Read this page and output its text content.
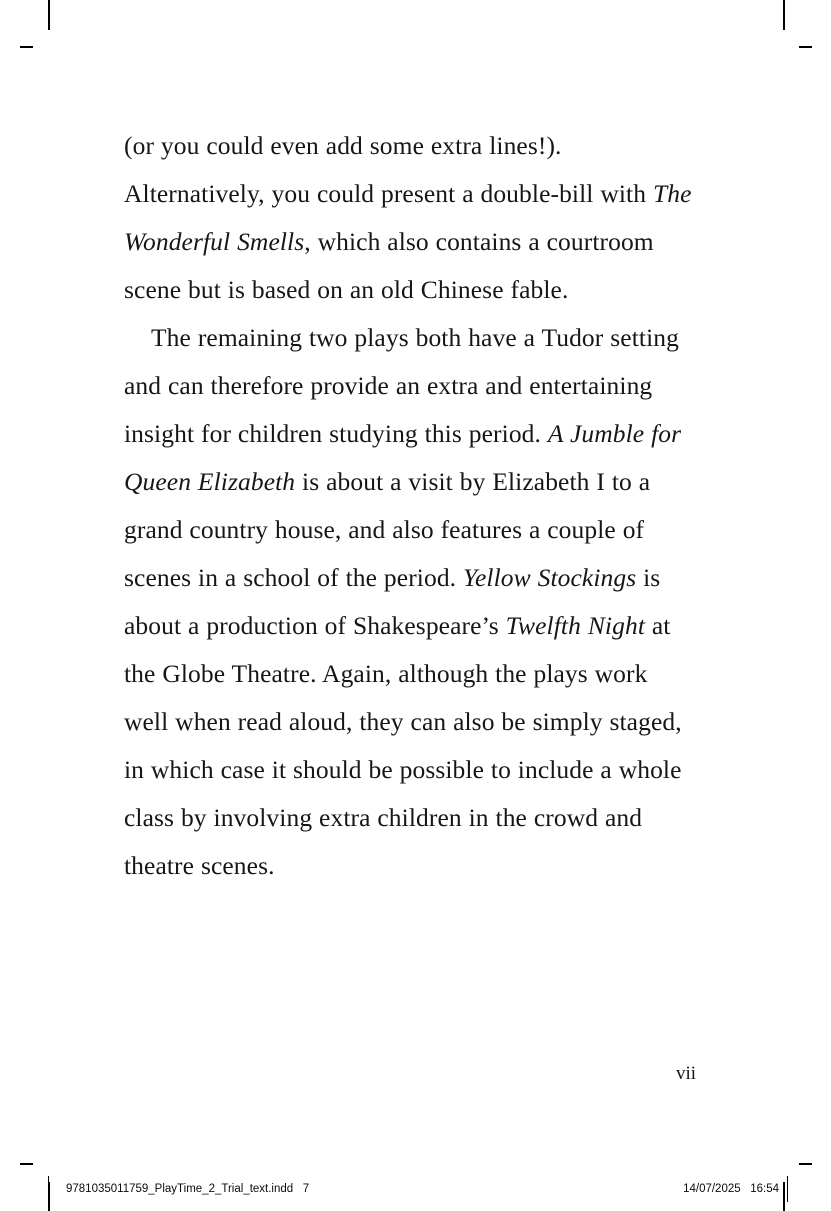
(or you could even add some extra lines!). Alternatively, you could present a double-bill with The Wonderful Smells, which also contains a courtroom scene but is based on an old Chinese fable.

The remaining two plays both have a Tudor setting and can therefore provide an extra and entertaining insight for children studying this period. A Jumble for Queen Elizabeth is about a visit by Elizabeth I to a grand country house, and also features a couple of scenes in a school of the period. Yellow Stockings is about a production of Shakespeare’s Twelfth Night at the Globe Theatre. Again, although the plays work well when read aloud, they can also be simply staged, in which case it should be possible to include a whole class by involving extra children in the crowd and theatre scenes.

vii
9781035011759_PlayTime_2_Trial_text.indd   7	14/07/2025   16:54
